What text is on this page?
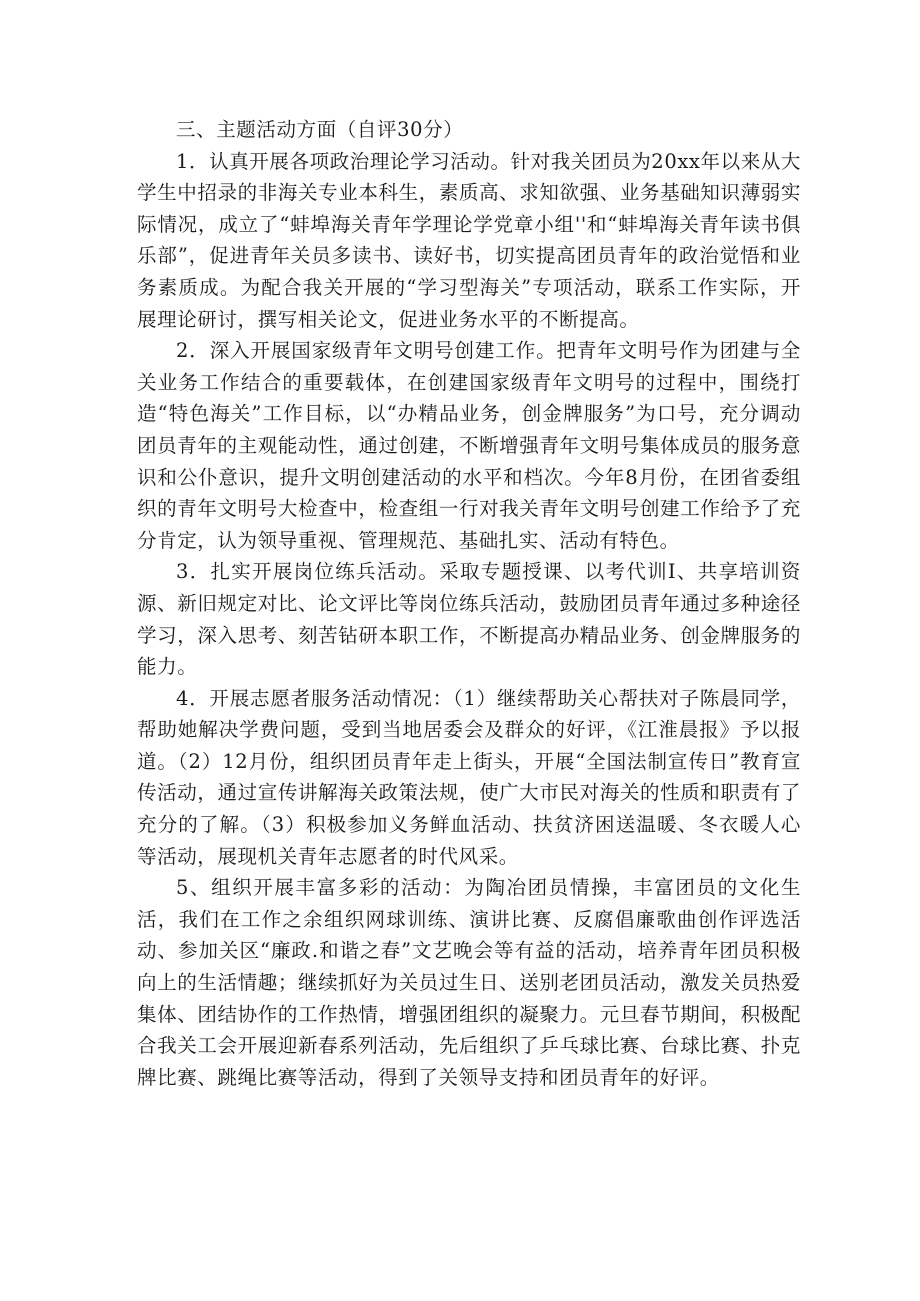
三、主题活动方面（自评30分）

1．认真开展各项政治理论学习活动。针对我关团员为20xx年以来从大学生中招录的非海关专业本科生，素质高、求知欲强、业务基础知识薄弱实际情况，成立了“蚌埠海关青年学理论学党章小组''和“蚌埠海关青年读书俱乐部”，促进青年关员多读书、读好书，切实提高团员青年的政治觉悟和业务素质成。为配合我关开展的“学习型海关”专项活动，联系工作实际，开展理论研讨，撰写相关论文，促进业务水平的不断提高。

2．深入开展国家级青年文明号创建工作。把青年文明号作为团建与全关业务工作结合的重要载体，在创建国家级青年文明号的过程中，围绕打造“特色海关”工作目标，以“办精品业务，创金牌服务”为口号，充分调动团员青年的主观能动性，通过创建，不断增强青年文明号集体成员的服务意识和公仆意识，提升文明创建活动的水平和档次。今年8月份，在团省委组织的青年文明号大检查中，检查组一行对我关青年文明号创建工作给予了充分肯定，认为领导重视、管理规范、基础扎实、活动有特色。

3．扎实开展岗位练兵活动。采取专题授课、以考代训Ⅰ、共享培训资源、新旧规定对比、论文评比等岗位练兵活动，鼓励团员青年通过多种途径学习，深入思考、刻苦钻研本职工作，不断提高办精品业务、创金牌服务的能力。

4．开展志愿者服务活动情况：（1）继续帮助关心帮扶对子陈晨同学，帮助她解决学费问题，受到当地居委会及群众的好评，《江淮晨报》予以报道。（2）12月份，组织团员青年走上街头，开展“全国法制宣传日”教育宣传活动，通过宣传讲解海关政策法规，使广大市民对海关的性质和职责有了充分的了解。（3）积极参加义务鲜血活动、扶贫济困送温暖、冬衣暖人心等活动，展现机关青年志愿者的时代风采。

5、组织开展丰富多彩的活动：为陶冶团员情操，丰富团员的文化生活，我们在工作之余组织网球训练、演讲比赛、反腐倡廉歌曲创作评选活动、参加关区“廉政.和谐之春”文艺晚会等有益的活动，培养青年团员积极向上的生活情趣；继续抓好为关员过生日、送别老团员活动，激发关员热爱集体、团结协作的工作热情，增强团组织的凝聚力。元旦春节期间，积极配合我关工会开展迎新春系列活动，先后组织了乒乓球比赛、台球比赛、扑克牌比赛、跳绳比赛等活动，得到了关领导支持和团员青年的好评。
